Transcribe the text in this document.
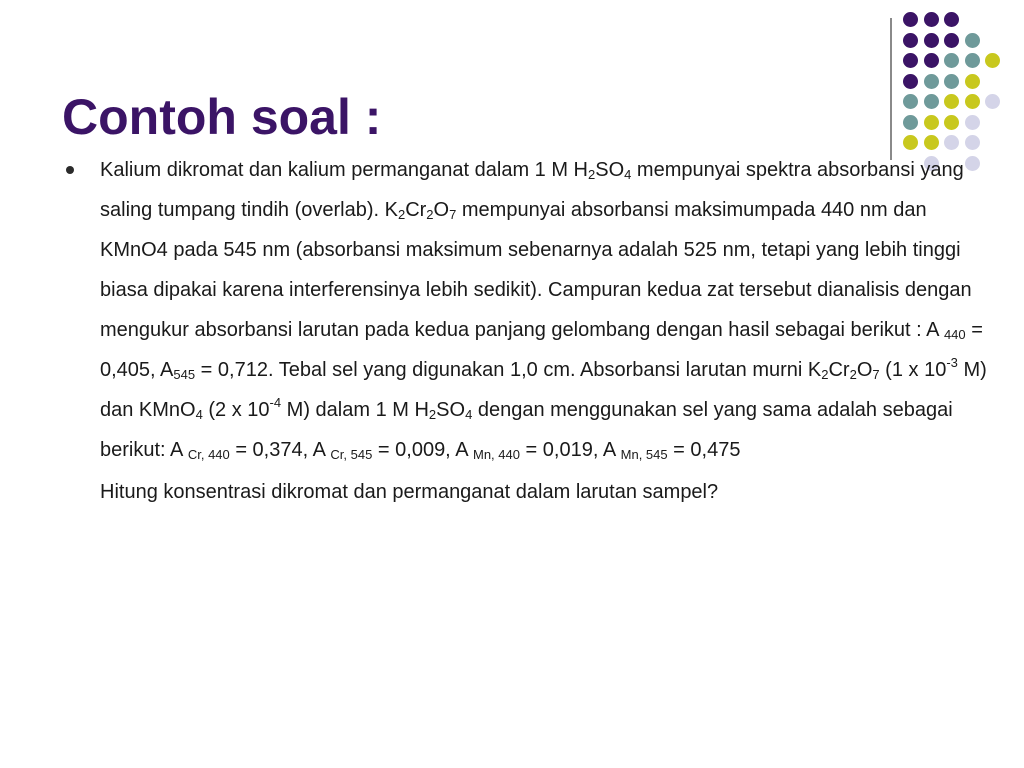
Contoh soal :

Kalium dikromat dan kalium permanganat dalam 1 M $H_2SO_4$ mempunyai spektra absorbansi yang saling tumpang tindih (overlab). $K_2Cr_2O_7$ mempunyai absorbansi maksimumpada 440 nm dan KMnO4 pada 545 nm (absorbansi maksimum sebenarnya adalah 525 nm, tetapi yang lebih tinggi biasa dipakai karena interferensinya lebih sedikit). Campuran kedua zat tersebut dianalisis dengan mengukur absorbansi larutan pada kedua panjang gelombang dengan hasil sebagai berikut : A $_{440}$ = 0,405, $A_{545} = 0,712$. Tebal sel yang digunakan 1,0 cm. Absorbansi larutan murni $K_2Cr_2O_7$ (1 x $10^{-3}$ M) dan KMnO$_4$ (2 x $10^{-4}$ M) dalam 1 M $H_2SO_4$ dengan menggunakan sel yang sama adalah sebagai berikut: A $_{Cr, 440}$ = 0,374, A $_{Cr, 545}$ = 0,009, A $_{Mn, 440}$ = 0,019, A $_{Mn, 545}$ = 0,475

Hitung konsentrasi dikromat dan permanganat dalam larutan sampel?
